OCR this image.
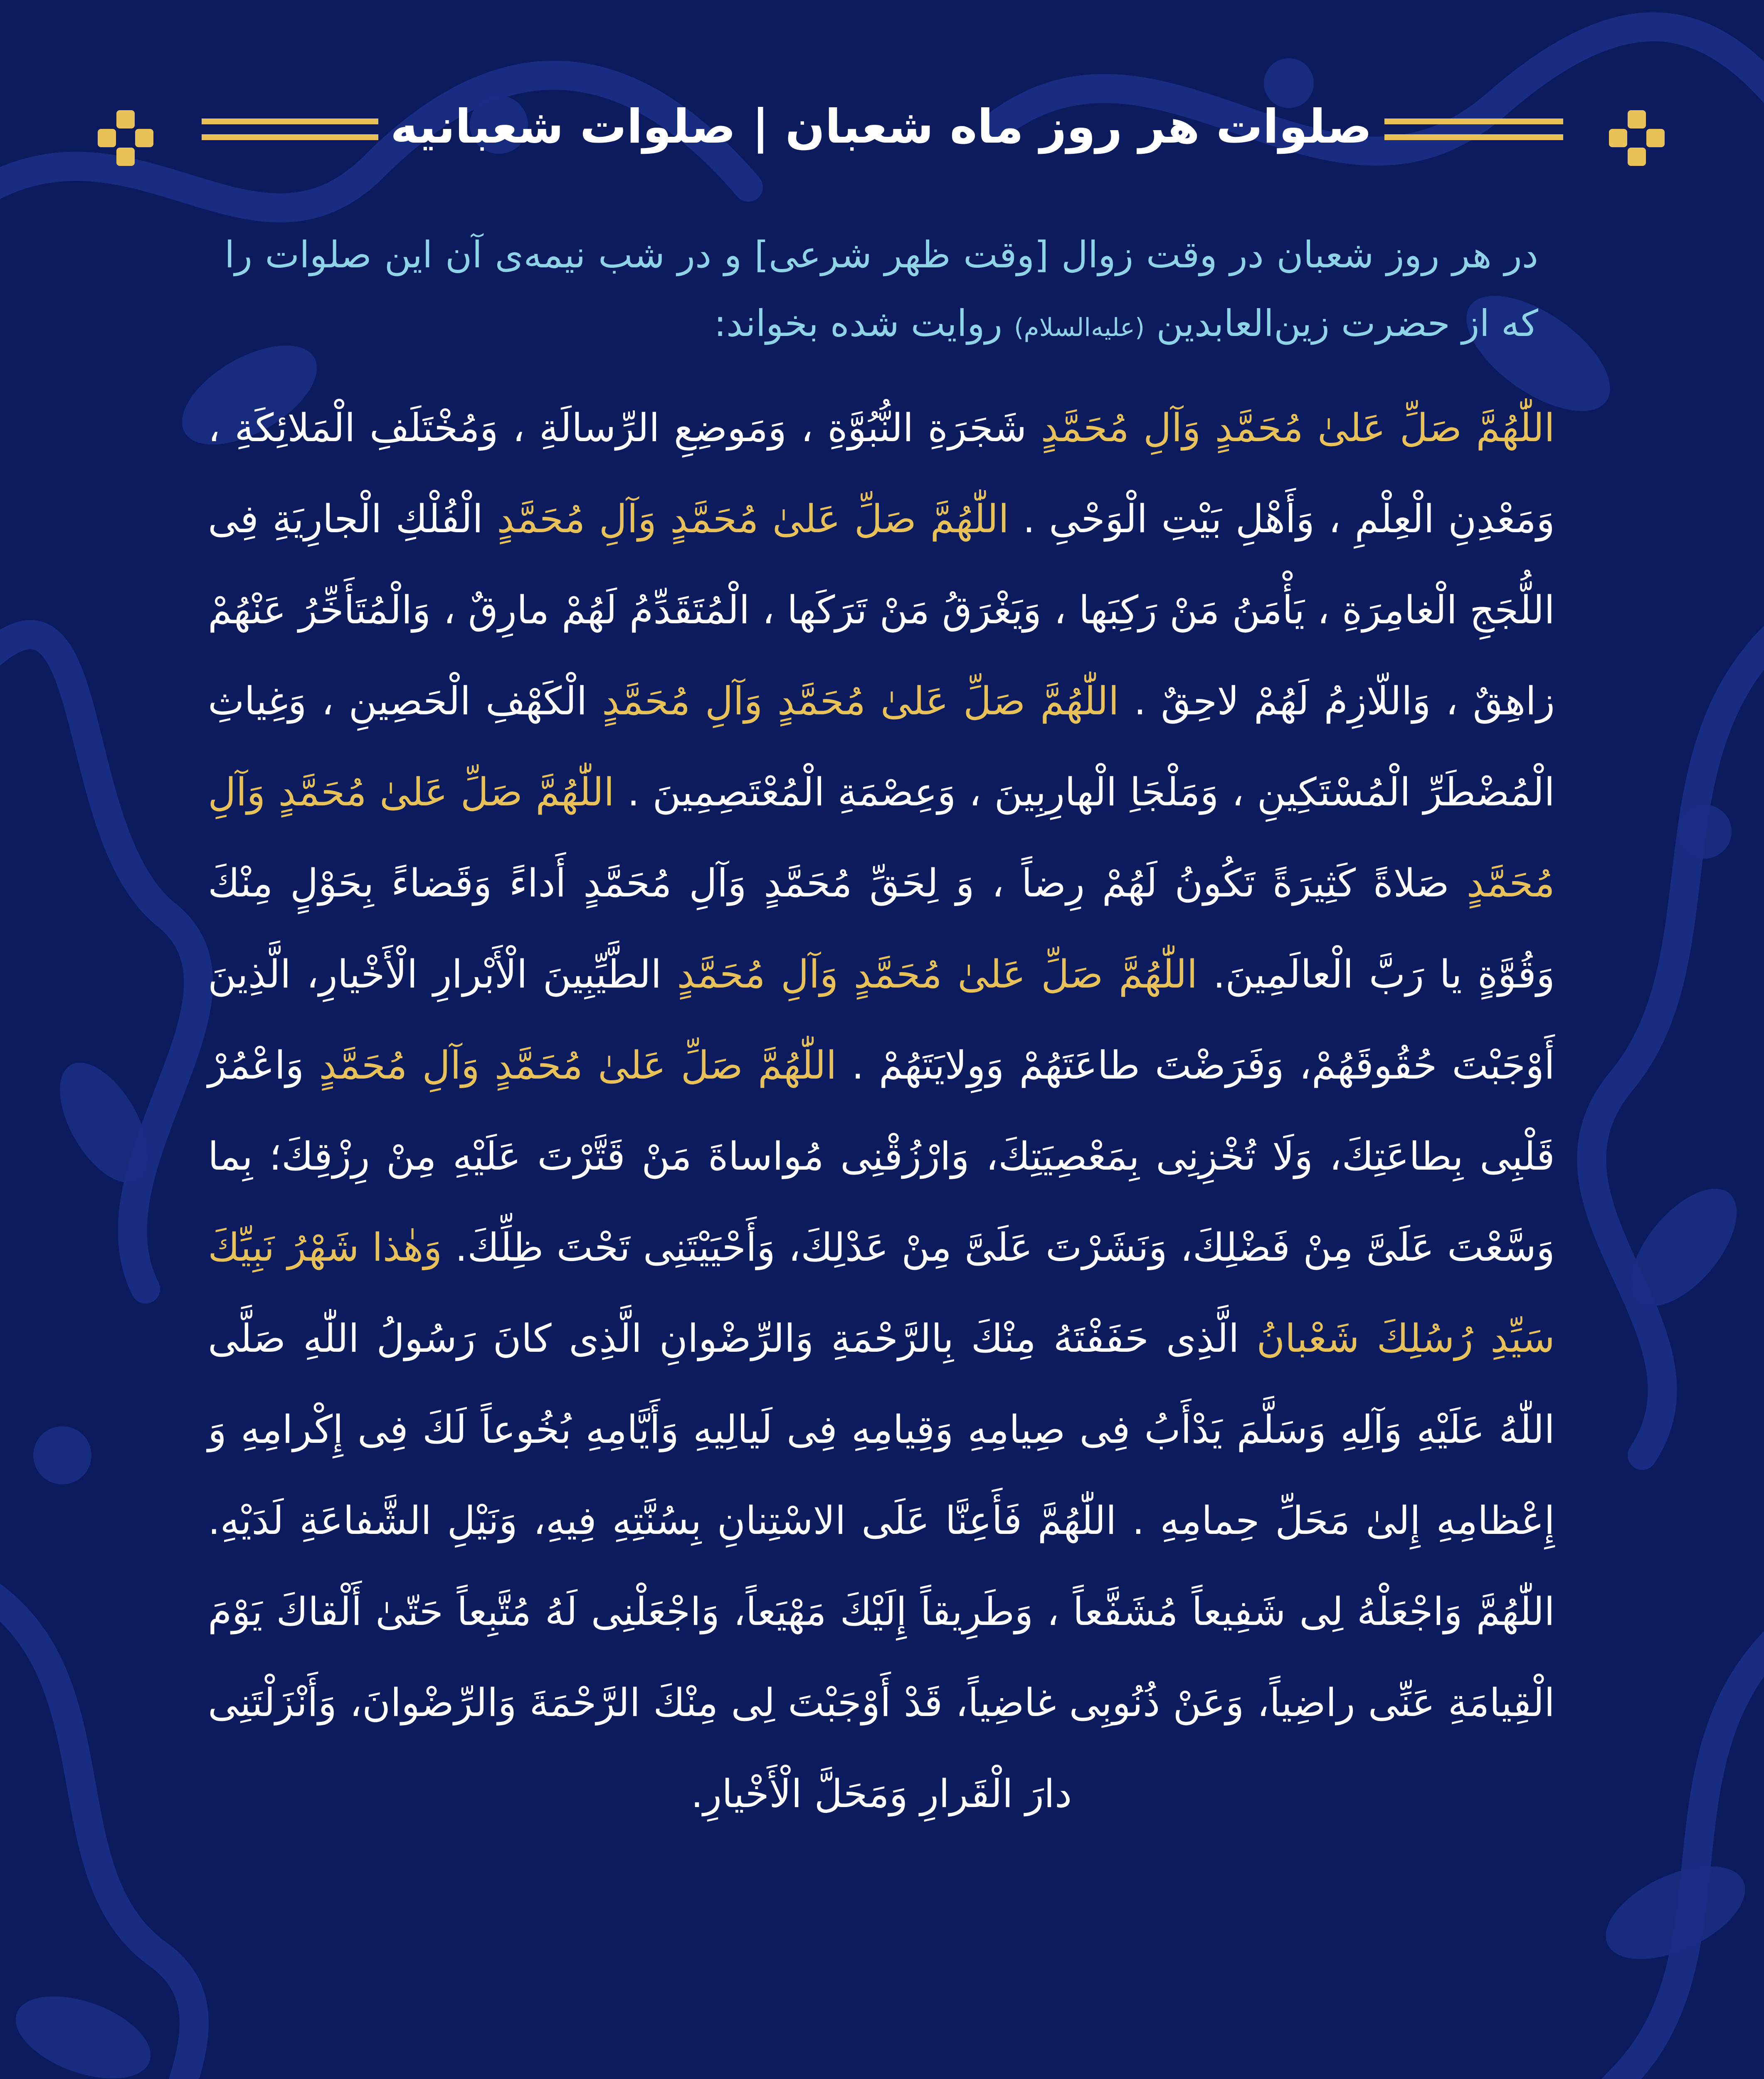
صلوات هر روز ماه شعبان | صلوات شعبانیه

در هر روز شعبان در وقت زوال [وقت ظهر شرعی] و در شب نیمه‌ی آن این صلوات را که از حضرت زین‌العابدین (علیه‌السلام) روایت شده بخواند:

اللّٰهُمَّ صَلِّ عَلىٰ مُحَمَّدٍ وَآلِ مُحَمَّدٍ شَجَرَةِ النُّبُوَّةِ ، وَمَوضِعِ الرِّسالَةِ ، وَمُخْتَلَفِ الْمَلائِكَةِ ، وَمَعْدِنِ الْعِلْمِ ، وَأَهْلِ بَيْتِ الْوَحْىِ . اللّٰهُمَّ صَلِّ عَلىٰ مُحَمَّدٍ وَآلِ مُحَمَّدٍ الْفُلْكِ الْجارِيَةِ فِى اللُّجَجِ الْغامِرَةِ ، يَأْمَنُ مَنْ رَكِبَها ، وَيَغْرَقُ مَنْ تَرَكَها ، الْمُتَقَدِّمُ لَهُمْ مارِقٌ ، وَالْمُتَأَخِّرُ عَنْهُمْ زاهِقٌ ، وَاللّازِمُ لَهُمْ لاحِقٌ . اللّٰهُمَّ صَلِّ عَلىٰ مُحَمَّدٍ وَآلِ مُحَمَّدٍ الْكَهْفِ الْحَصِينِ ، وَغِياثِ الْمُضْطَرِّ الْمُسْتَكِينِ ، وَمَلْجَاِ الْهارِبِينَ ، وَعِصْمَةِ الْمُعْتَصِمِينَ . اللّٰهُمَّ صَلِّ عَلىٰ مُحَمَّدٍ وَآلِ مُحَمَّدٍ صَلاةً كَثِيرَةً تَكُونُ لَهُمْ رِضاً ، وَ لِحَقِّ مُحَمَّدٍ وَآلِ مُحَمَّدٍ أَداءً وَقَضاءً بِحَوْلٍ مِنْكَ وَقُوَّةٍ يا رَبَّ الْعالَمِينَ. اللّٰهُمَّ صَلِّ عَلىٰ مُحَمَّدٍ وَآلِ مُحَمَّدٍ الطَّيِّبِينَ الْأَبْرارِ الْأَخْيارِ، الَّذِينَ أَوْجَبْتَ حُقُوقَهُمْ، وَفَرَضْتَ طاعَتَهُمْ وَوِلايَتَهُمْ . اللّٰهُمَّ صَلِّ عَلىٰ مُحَمَّدٍ وَآلِ مُحَمَّدٍ وَاعْمُرْ قَلْبِى بِطاعَتِكَ، وَلَا تُخْزِنِى بِمَعْصِيَتِكَ، وَارْزُقْنِى مُواساةَ مَنْ قَتَّرْتَ عَلَيْهِ مِنْ رِزْقِكَ؛ بِما وَسَّعْتَ عَلَىَّ مِنْ فَضْلِكَ، وَنَشَرْتَ عَلَىَّ مِنْ عَدْلِكَ، وَأَحْيَيْتَنِى تَحْتَ ظِلِّكَ. وَهٰذا شَهْرُ نَبِيِّكَ سَيِّدِ رُسُلِكَ شَعْبانُ الَّذِى حَفَفْتَهُ مِنْكَ بِالرَّحْمَةِ وَالرِّضْوانِ الَّذِى كانَ رَسُولُ اللّٰهِ صَلَّى اللّٰهُ عَلَيْهِ وَآلِهِ وَسَلَّمَ يَدْأَبُ فِى صِيامِهِ وَقِيامِهِ فِى لَيالِيهِ وَأَيَّامِهِ بُخُوعاً لَكَ فِى إِكْرامِهِ وَ إِعْظامِهِ إِلىٰ مَحَلِّ حِمامِهِ . اللّٰهُمَّ فَأَعِنَّا عَلَى الاسْتِنانِ بِسُنَّتِهِ فِيهِ، وَنَيْلِ الشَّفاعَةِ لَدَيْهِ. اللّٰهُمَّ وَاجْعَلْهُ لِى شَفِيعاً مُشَفَّعاً ، وَطَرِيقاً إِلَيْكَ مَهْيَعاً، وَاجْعَلْنِى لَهُ مُتَّبِعاً حَتّىٰ أَلْقاكَ يَوْمَ الْقِيامَةِ عَنِّى راضِياً، وَعَنْ ذُنُوبِى غاضِياً، قَدْ أَوْجَبْتَ لِى مِنْكَ الرَّحْمَةَ وَالرِّضْوانَ، وَأَنْزَلْتَنِى دارَ الْقَرارِ وَمَحَلَّ الْأَخْيارِ.
